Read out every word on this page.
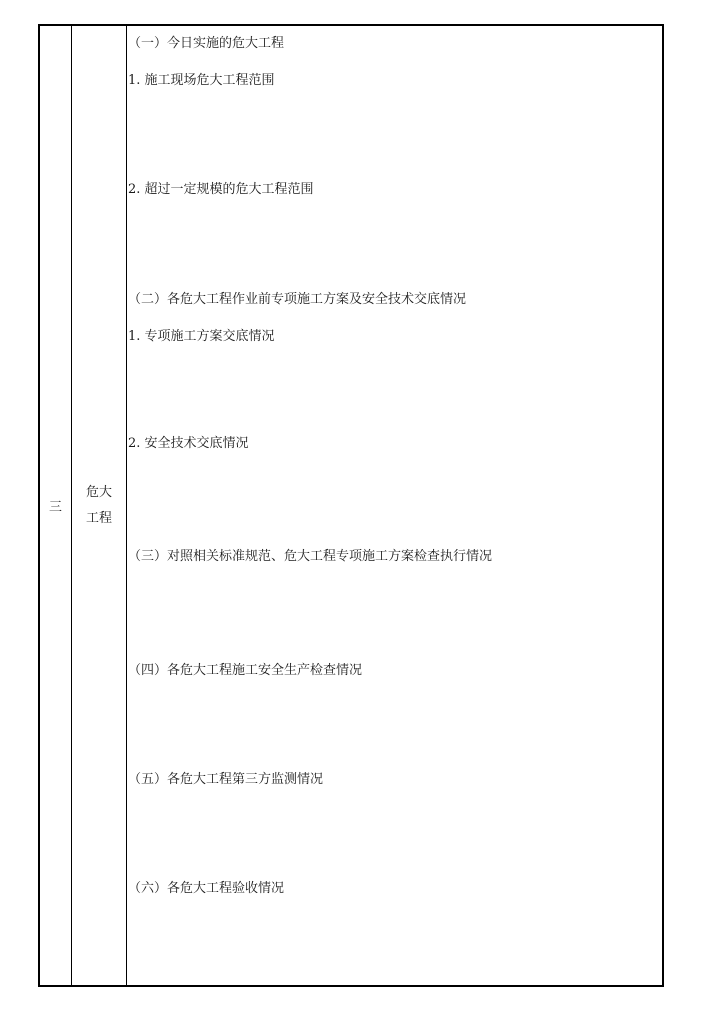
三
危大
工程
（一）今日实施的危大工程
1. 施工现场危大工程范围
2. 超过一定规模的危大工程范围
（二）各危大工程作业前专项施工方案及安全技术交底情况
1. 专项施工方案交底情况
2. 安全技术交底情况
（三）对照相关标准规范、危大工程专项施工方案检查执行情况
（四）各危大工程施工安全生产检查情况
（五）各危大工程第三方监测情况
（六）各危大工程验收情况
